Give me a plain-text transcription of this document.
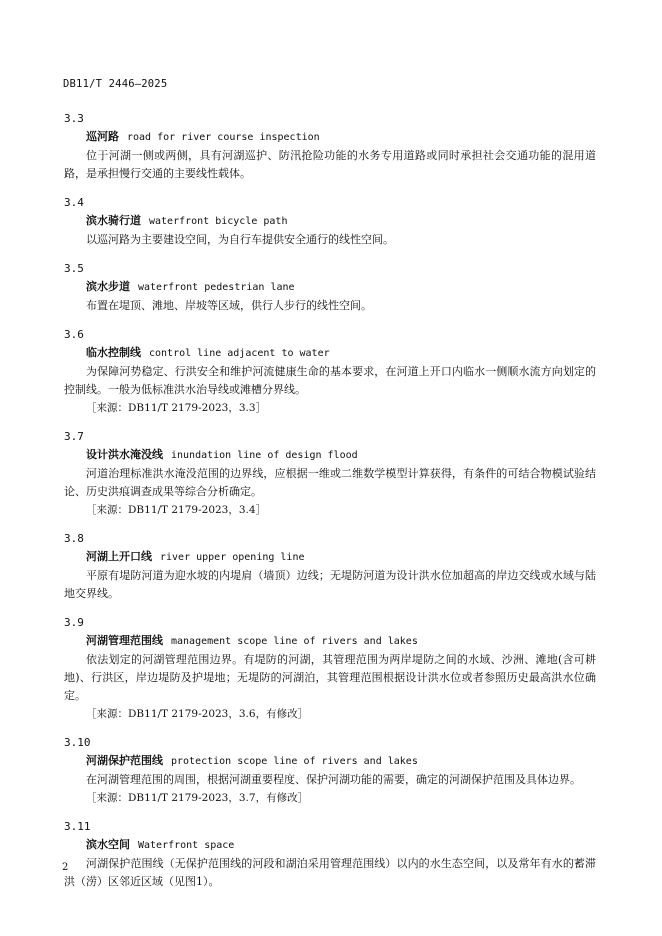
DB11/T 2446—2025
3.3
巡河路 road for river course inspection
位于河湖一侧或两侧，具有河湖巡护、防汛抢险功能的水务专用道路或同时承担社会交通功能的混用道路，是承担慢行交通的主要线性载体。
3.4
滨水骑行道 waterfront bicycle path
以巡河路为主要建设空间，为自行车提供安全通行的线性空间。
3.5
滨水步道 waterfront pedestrian lane
布置在堤顶、滩地、岸坡等区域，供行人步行的线性空间。
3.6
临水控制线 control line adjacent to water
为保障河势稳定、行洪安全和维护河流健康生命的基本要求，在河道上开口内临水一侧顺水流方向划定的控制线。一般为低标准洪水治导线或滩槽分界线。
［来源：DB11/T 2179-2023，3.3］
3.7
设计洪水淹没线 inundation line of design flood
河道治理标准洪水淹没范围的边界线，应根据一维或二维数学模型计算获得，有条件的可结合物模试验结论、历史洪痕调查成果等综合分析确定。
［来源：DB11/T 2179-2023，3.4］
3.8
河湖上开口线 river upper opening line
平原有堤防河道为迎水坡的内堤肩（墙顶）边线；无堤防河道为设计洪水位加超高的岸边交线或水域与陆地交界线。
3.9
河湖管理范围线 management scope line of rivers and lakes
依法划定的河湖管理范围边界。有堤防的河湖，其管理范围为两岸堤防之间的水域、沙洲、滩地(含可耕地)、行洪区，岸边堤防及护堤地；无堤防的河湖泊，其管理范围根据设计洪水位或者参照历史最高洪水位确定。
［来源：DB11/T 2179-2023，3.6，有修改］
3.10
河湖保护范围线 protection scope line of rivers and lakes
在河湖管理范围的周围，根据河湖重要程度、保护河湖功能的需要，确定的河湖保护范围及具体边界。
［来源：DB11/T 2179-2023，3.7，有修改］
3.11
滨水空间 Waterfront space
河湖保护范围线（无保护范围线的河段和湖泊采用管理范围线）以内的水生态空间，以及常年有水的蓄滞洪（涝）区邻近区域（见图1）。
2
